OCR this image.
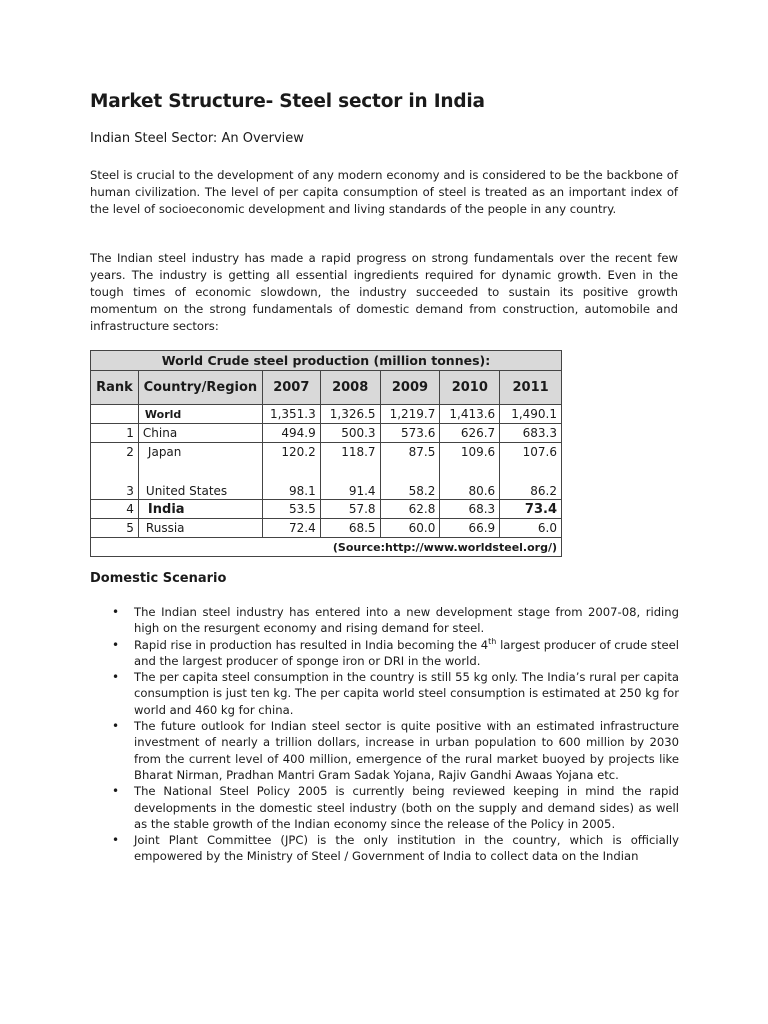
Market Structure- Steel sector in India
Indian Steel Sector: An Overview
Steel is crucial to the development of any modern economy and is considered to be the backbone of human civilization. The level of per capita consumption of steel is treated as an important index of the level of socioeconomic development and living standards of the people in any country.
The Indian steel industry has made a rapid progress on strong fundamentals over the recent few years. The industry is getting all essential ingredients required for dynamic growth. Even in the tough times of economic slowdown, the industry succeeded to sustain its positive growth momentum on the strong fundamentals of domestic demand from construction, automobile and infrastructure sectors:
World Crude steel production (million tonnes):						
Rank	Country/Region	2007	2008	2009	2010	2011
	World	1,351.3	1,326.5	1,219.7	1,413.6	1,490.1
1	China	494.9	500.3	573.6	626.7	683.3
2	Japan	120.2	118.7	87.5	109.6	107.6
3	United States	98.1	91.4	58.2	80.6	86.2
4	India	53.5	57.8	62.8	68.3	73.4
5	Russia	72.4	68.5	60.0	66.9	6.0
(Source:http://www.worldsteel.org/)						
Domestic Scenario
• The Indian steel industry has entered into a new development stage from 2007-08, riding high on the resurgent economy and rising demand for steel.
• Rapid rise in production has resulted in India becoming the 4th largest producer of crude steel and the largest producer of sponge iron or DRI in the world.
• The per capita steel consumption in the country is still 55 kg only. The India’s rural per capita consumption is just ten kg. The per capita world steel consumption is estimated at 250 kg for world and 460 kg for china.
• The future outlook for Indian steel sector is quite positive with an estimated infrastructure investment of nearly a trillion dollars, increase in urban population to 600 million by 2030 from the current level of 400 million, emergence of the rural market buoyed by projects like Bharat Nirman, Pradhan Mantri Gram Sadak Yojana, Rajiv Gandhi Awaas Yojana etc.
• The National Steel Policy 2005 is currently being reviewed keeping in mind the rapid developments in the domestic steel industry (both on the supply and demand sides) as well as the stable growth of the Indian economy since the release of the Policy in 2005.
• Joint Plant Committee (JPC) is the only institution in the country, which is officially empowered by the Ministry of Steel / Government of India to collect data on the Indian
